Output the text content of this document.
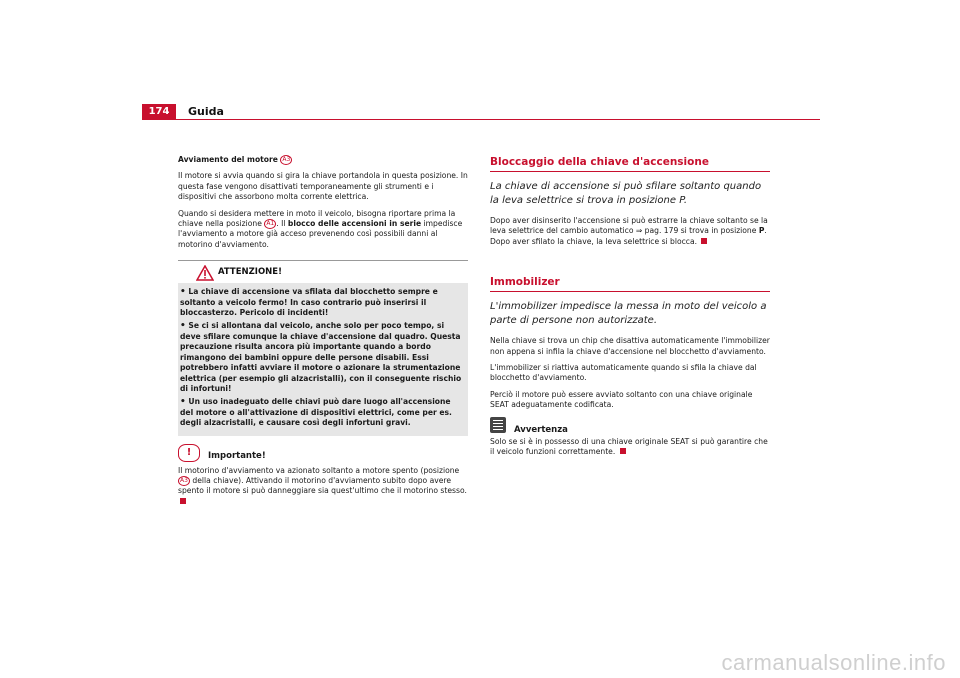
174	Guida

Avviamento del motore A3

Il motore si avvia quando si gira la chiave portandola in questa posizione. In questa fase vengono disattivati temporaneamente gli strumenti e i dispositivi che assorbono molta corrente elettrica.

Quando si desidera mettere in moto il veicolo, bisogna riportare prima la chiave nella posizione A1 . Il blocco delle accensioni in serie impedisce l'avviamento a motore già acceso prevenendo così possibili danni al motorino d'avviamento.

ATTENZIONE!
• La chiave di accensione va sfilata dal blocchetto sempre e soltanto a veicolo fermo! In caso contrario può inserirsi il bloccasterzo. Pericolo di incidenti!
• Se ci si allontana dal veicolo, anche solo per poco tempo, si deve sfilare comunque la chiave d'accensione dal quadro. Questa precauzione risulta ancora più importante quando a bordo rimangono dei bambini oppure delle persone disabili. Essi potrebbero infatti avviare il motore o azionare la strumentazione elettrica (per esempio gli alzacristalli), con il conseguente rischio di infortuni!
• Un uso inadeguato delle chiavi può dare luogo all'accensione del motore o all'attivazione di dispositivi elettrici, come per es. degli alzacristalli, e causare così degli infortuni gravi.
!	Importante!

Il motorino d'avviamento va azionato soltanto a motore spento (posizione A3 della chiave). Attivando il motorino d'avviamento subito dopo avere spento il motore si può danneggiare sia quest'ultimo che il motorino stesso.

Bloccaggio della chiave d'accensione
La chiave di accensione si può sfilare soltanto quando la leva selettrice si trova in posizione P.

Dopo aver disinserito l'accensione si può estrarre la chiave soltanto se la leva selettrice del cambio automatico ⇒ pag. 179 si trova in posizione P. Dopo aver sfilato la chiave, la leva selettrice si blocca.

Immobilizer
L'immobilizer impedisce la messa in moto del veicolo a parte di persone non autorizzate.

Nella chiave si trova un chip che disattiva automaticamente l'immobilizer non appena si infila la chiave d'accensione nel blocchetto d'avviamento.

L'immobilizer si riattiva automaticamente quando si sfila la chiave dal blocchetto d'avviamento.

Perciò il motore può essere avviato soltanto con una chiave originale SEAT adeguatamente codificata.

Avvertenza

Solo se si è in possesso di una chiave originale SEAT si può garantire che il veicolo funzioni correttamente.

carmanualsonline.info
